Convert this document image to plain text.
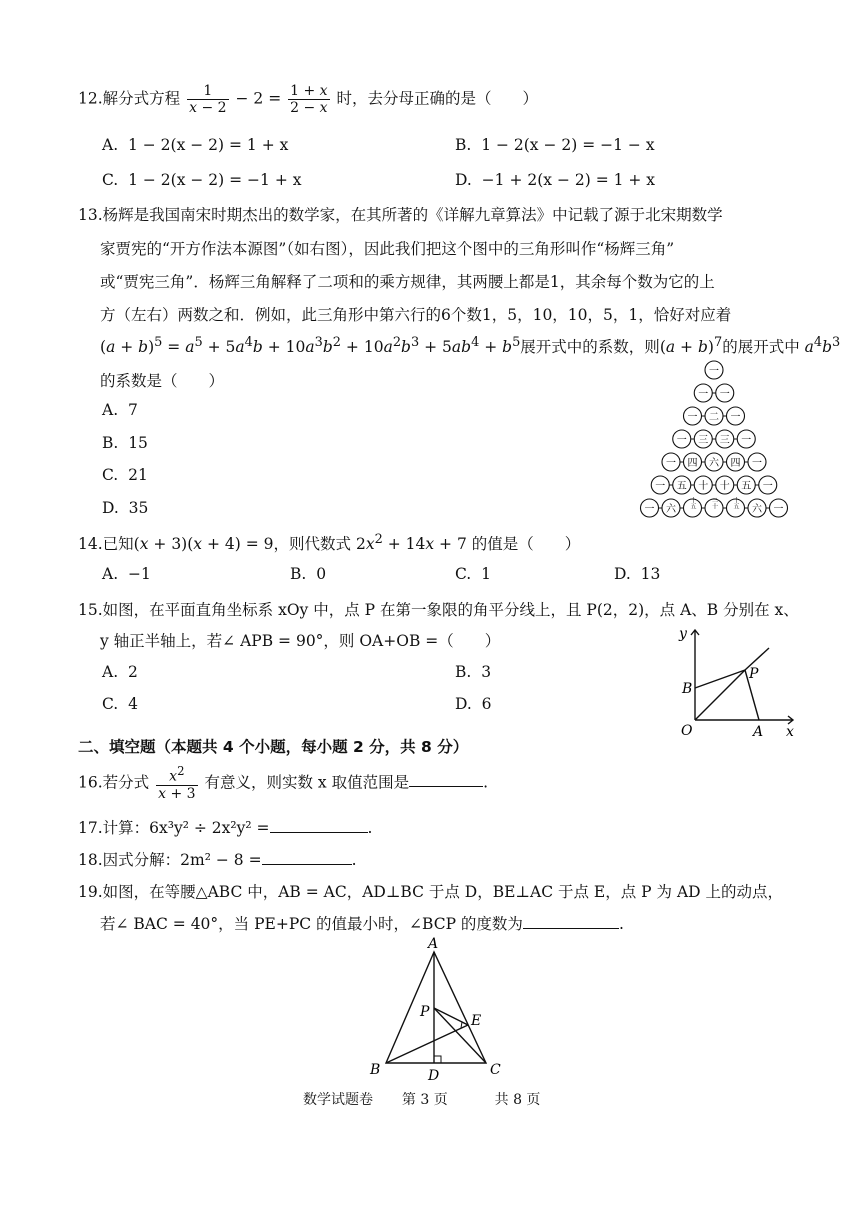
12.解分式方程 $\frac{1}{x - 2} - 2 = \frac{1 + x}{2 - x}$ 时，去分母正确的是（　　）
A. 1 − 2(x − 2) = 1 + x	B. 1 − 2(x − 2) = −1 − x
C. 1 − 2(x − 2) = −1 + x	D. −1 + 2(x − 2) = 1 + x
13.杨辉是我国南宋时期杰出的数学家，在其所著的《详解九章算法》中记载了源于北宋期数学
家贾宪的“开方作法本源图”（如右图），因此我们把这个图中的三角形叫作“杨辉三角”
或“贾宪三角”．杨辉三角解释了二项和的乘方规律，其两腰上都是1，其余每个数为它的上
方（左右）两数之和．例如，此三角形中第六行的6个数1，5，10，10，5，1，恰好对应着
$(a + b)^5 = a^5 + 5a^4b + 10a^3b^2 + 10a^2b^3 + 5ab^4 + b^5$展开式中的系数，则$(a + b)^7$的展开式中 $a^4b^3$
的系数是（　　）
A. 7
B. 15
C. 21
D. 35
一
一 一
一 二 一
一 三 三 一
一 四 六 四 一
一 五 十 十 五 一
一 六
十五 二十 十五
六 一
14.已知(x + 3)(x + 4) = 9，则代数式 $2x^2 + 14x + 7$ 的值是（　　）
A. −1	B. 0	C. 1	D. 13
15.如图，在平面直角坐标系 xOy 中，点 P 在第一象限的角平分线上，且 P(2，2)，点 A、B 分别在 x、
y 轴正半轴上，若∠ APB = 90°，则 OA+OB =（　　）
A. 2	B. 3
C. 4	D. 6
y
x
O	A
B
P
二、填空题（本题共 4 个小题，每小题 2 分，共 8 分）
16.若分式 $\frac{x^2}{x + 3}$ 有意义，则实数 x 取值范围是	.
17.计算：6x³y² ÷ 2x²y² =	.
18.因式分解：2m² − 8 =	.
19.如图，在等腰△ABC 中，AB = AC，AD⊥BC 于点 D，BE⊥AC 于点 E，点 P 为 AD 上的动点，
若∠ BAC = 40°，当 PE+PC 的值最小时，∠BCP 的度数为	.
A
B	C
D
E
P
数学试题卷 第 3 页	共 8 页
